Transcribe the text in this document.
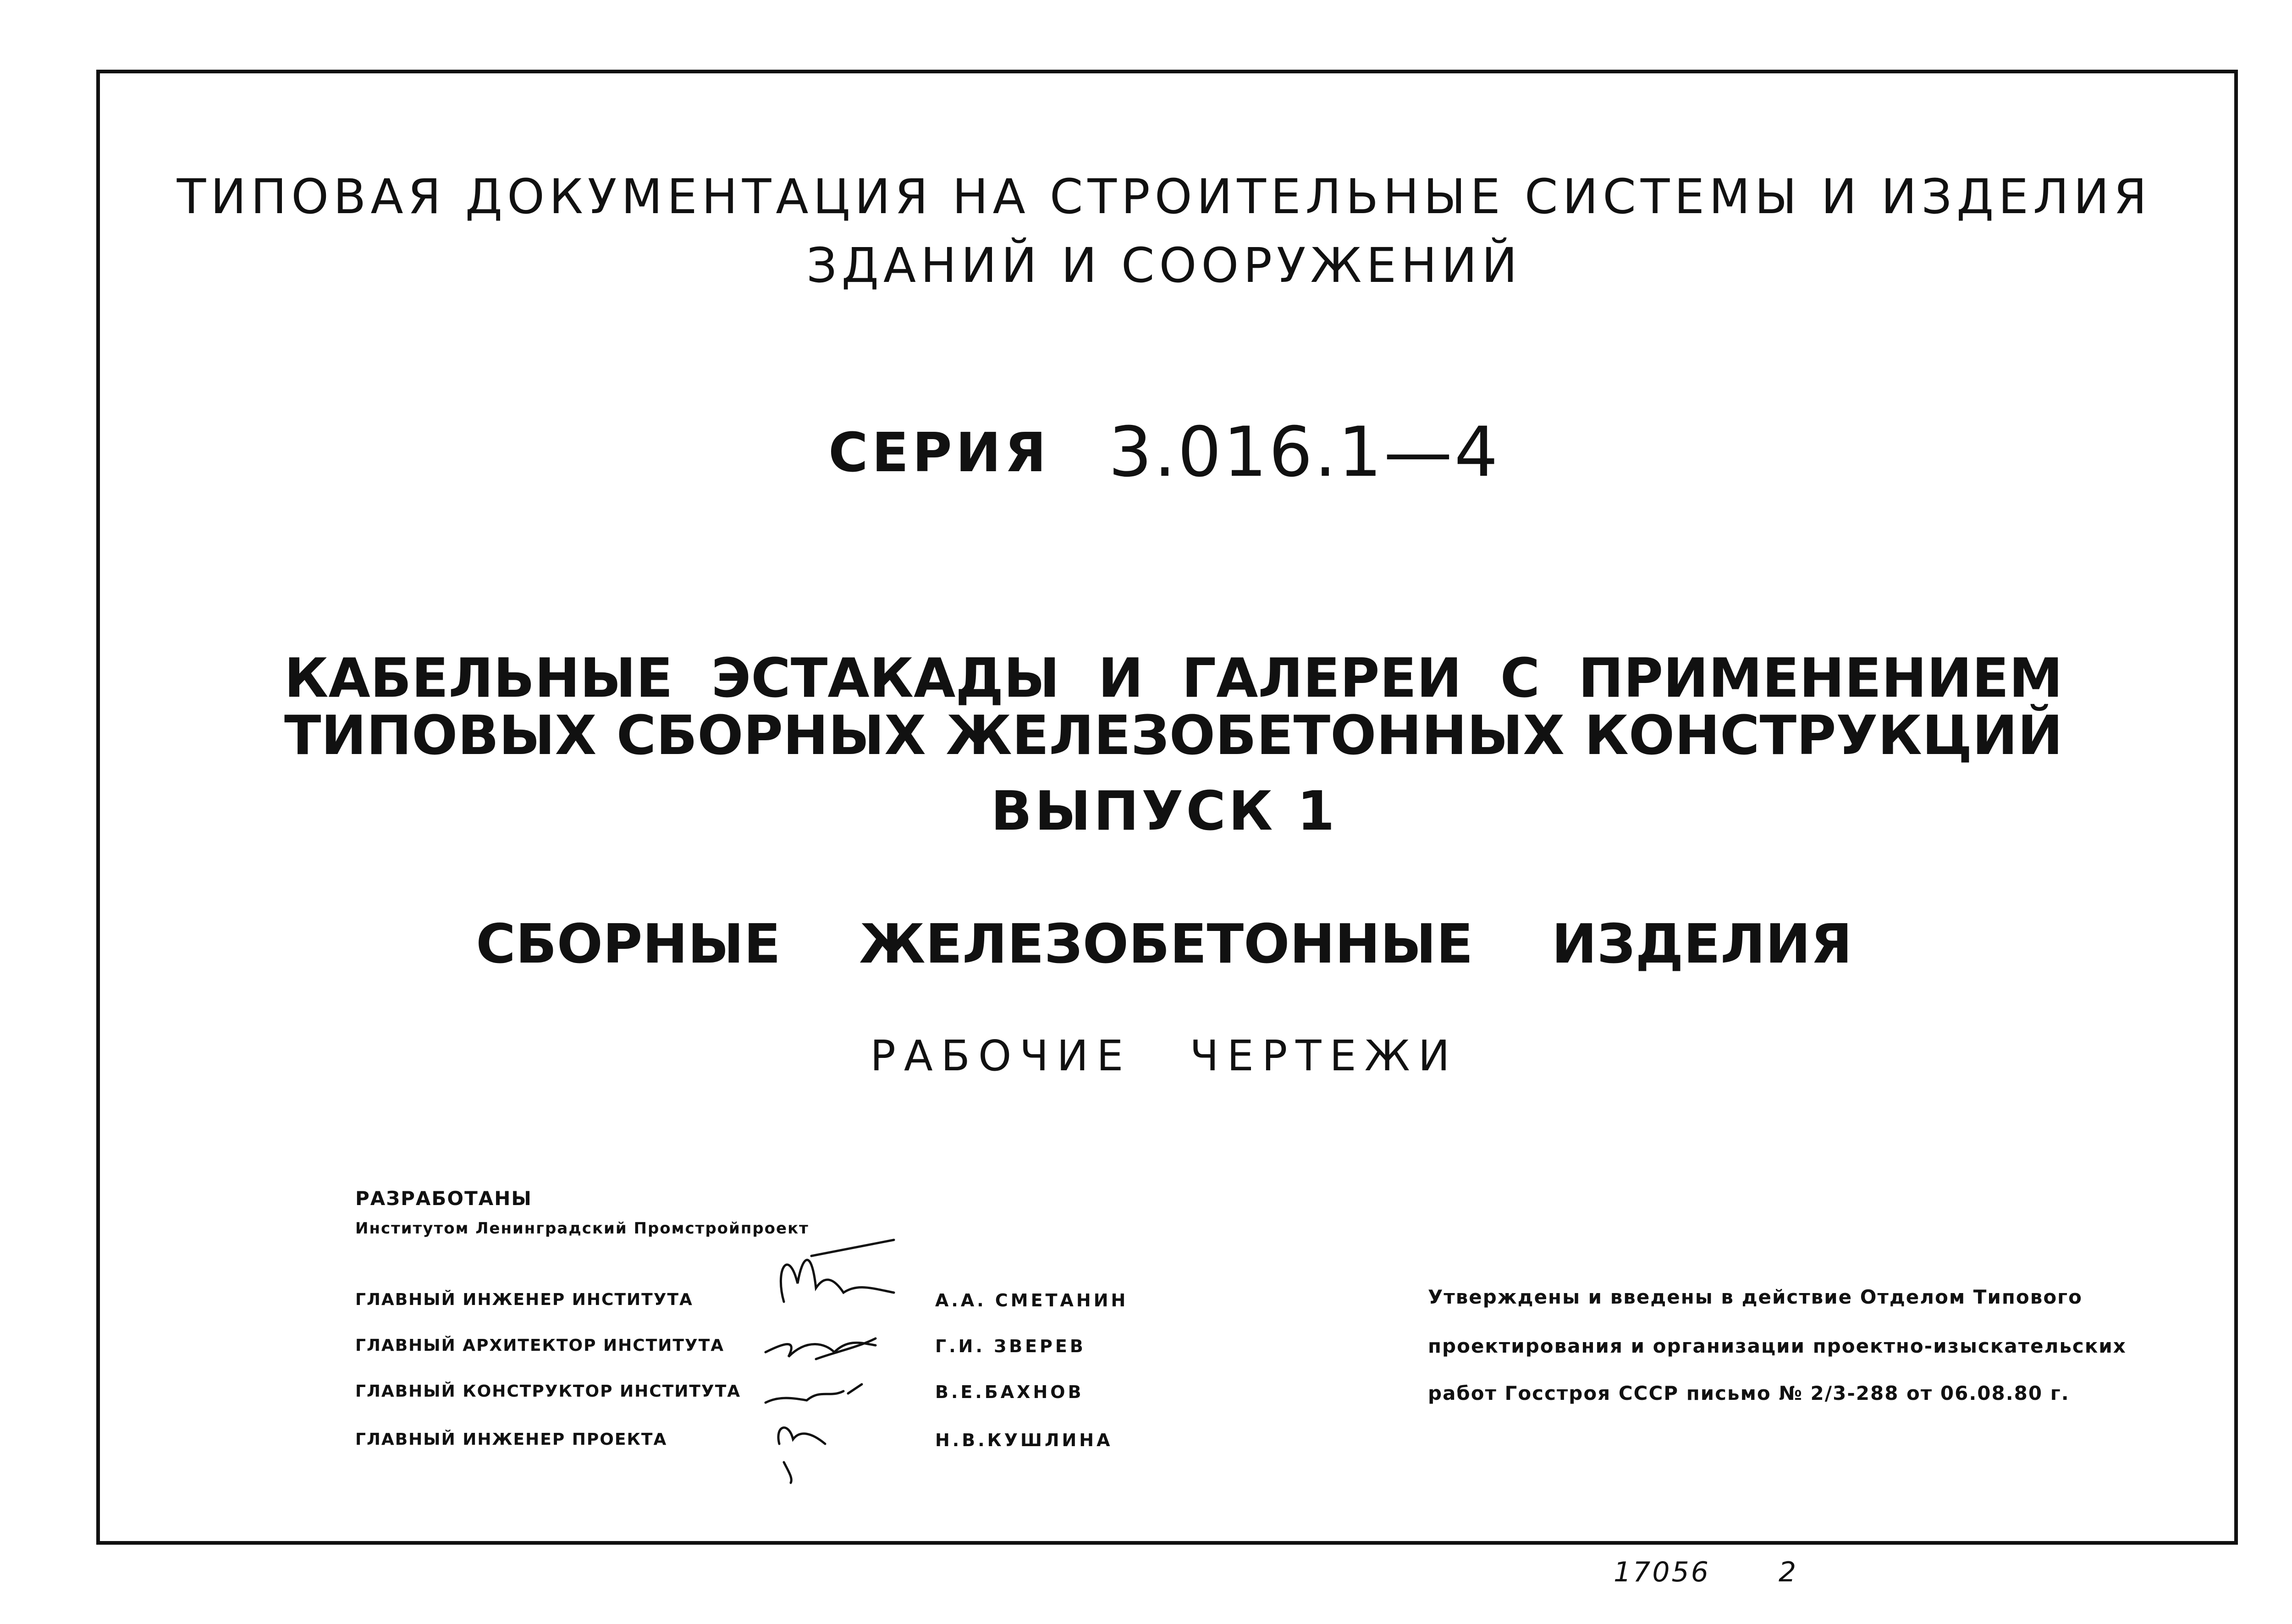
ТИПОВАЯ ДОКУМЕНТАЦИЯ НА СТРОИТЕЛЬНЫЕ СИСТЕМЫ И ИЗДЕЛИЯ
ЗДАНИЙ И СООРУЖЕНИЙ
СЕРИЯ 3.016.1—4
КАБЕЛЬНЫЕ ЭСТАКАДЫ И ГАЛЕРЕИ С ПРИМЕНЕНИЕМ
ТИПОВЫХ СБОРНЫХ ЖЕЛЕЗОБЕТОННЫХ КОНСТРУКЦИЙ
ВЫПУСК 1
СБОРНЫЕ ЖЕЛЕЗОБЕТОННЫЕ ИЗДЕЛИЯ
РАБОЧИЕ ЧЕРТЕЖИ
РАЗРАБОТАНЫ
Институтом Ленинградский Промстройпроект
ГЛАВНЫЙ ИНЖЕНЕР ИНСТИТУТА	А.А. СМЕТАНИН
ГЛАВНЫЙ АРХИТЕКТОР ИНСТИТУТА	Г.И. ЗВЕРЕВ
ГЛАВНЫЙ КОНСТРУКТОР ИНСТИТУТА	В.Е.БАХНОВ
ГЛАВНЫЙ ИНЖЕНЕР ПРОЕКТА	Н.В.КУШЛИНА
Утверждены и введены в действие Отделом Типового
проектирования и организации проектно-изыскательских
работ Госстроя СССР письмо № 2/3-288 от 06.08.80 г.
17056 2
